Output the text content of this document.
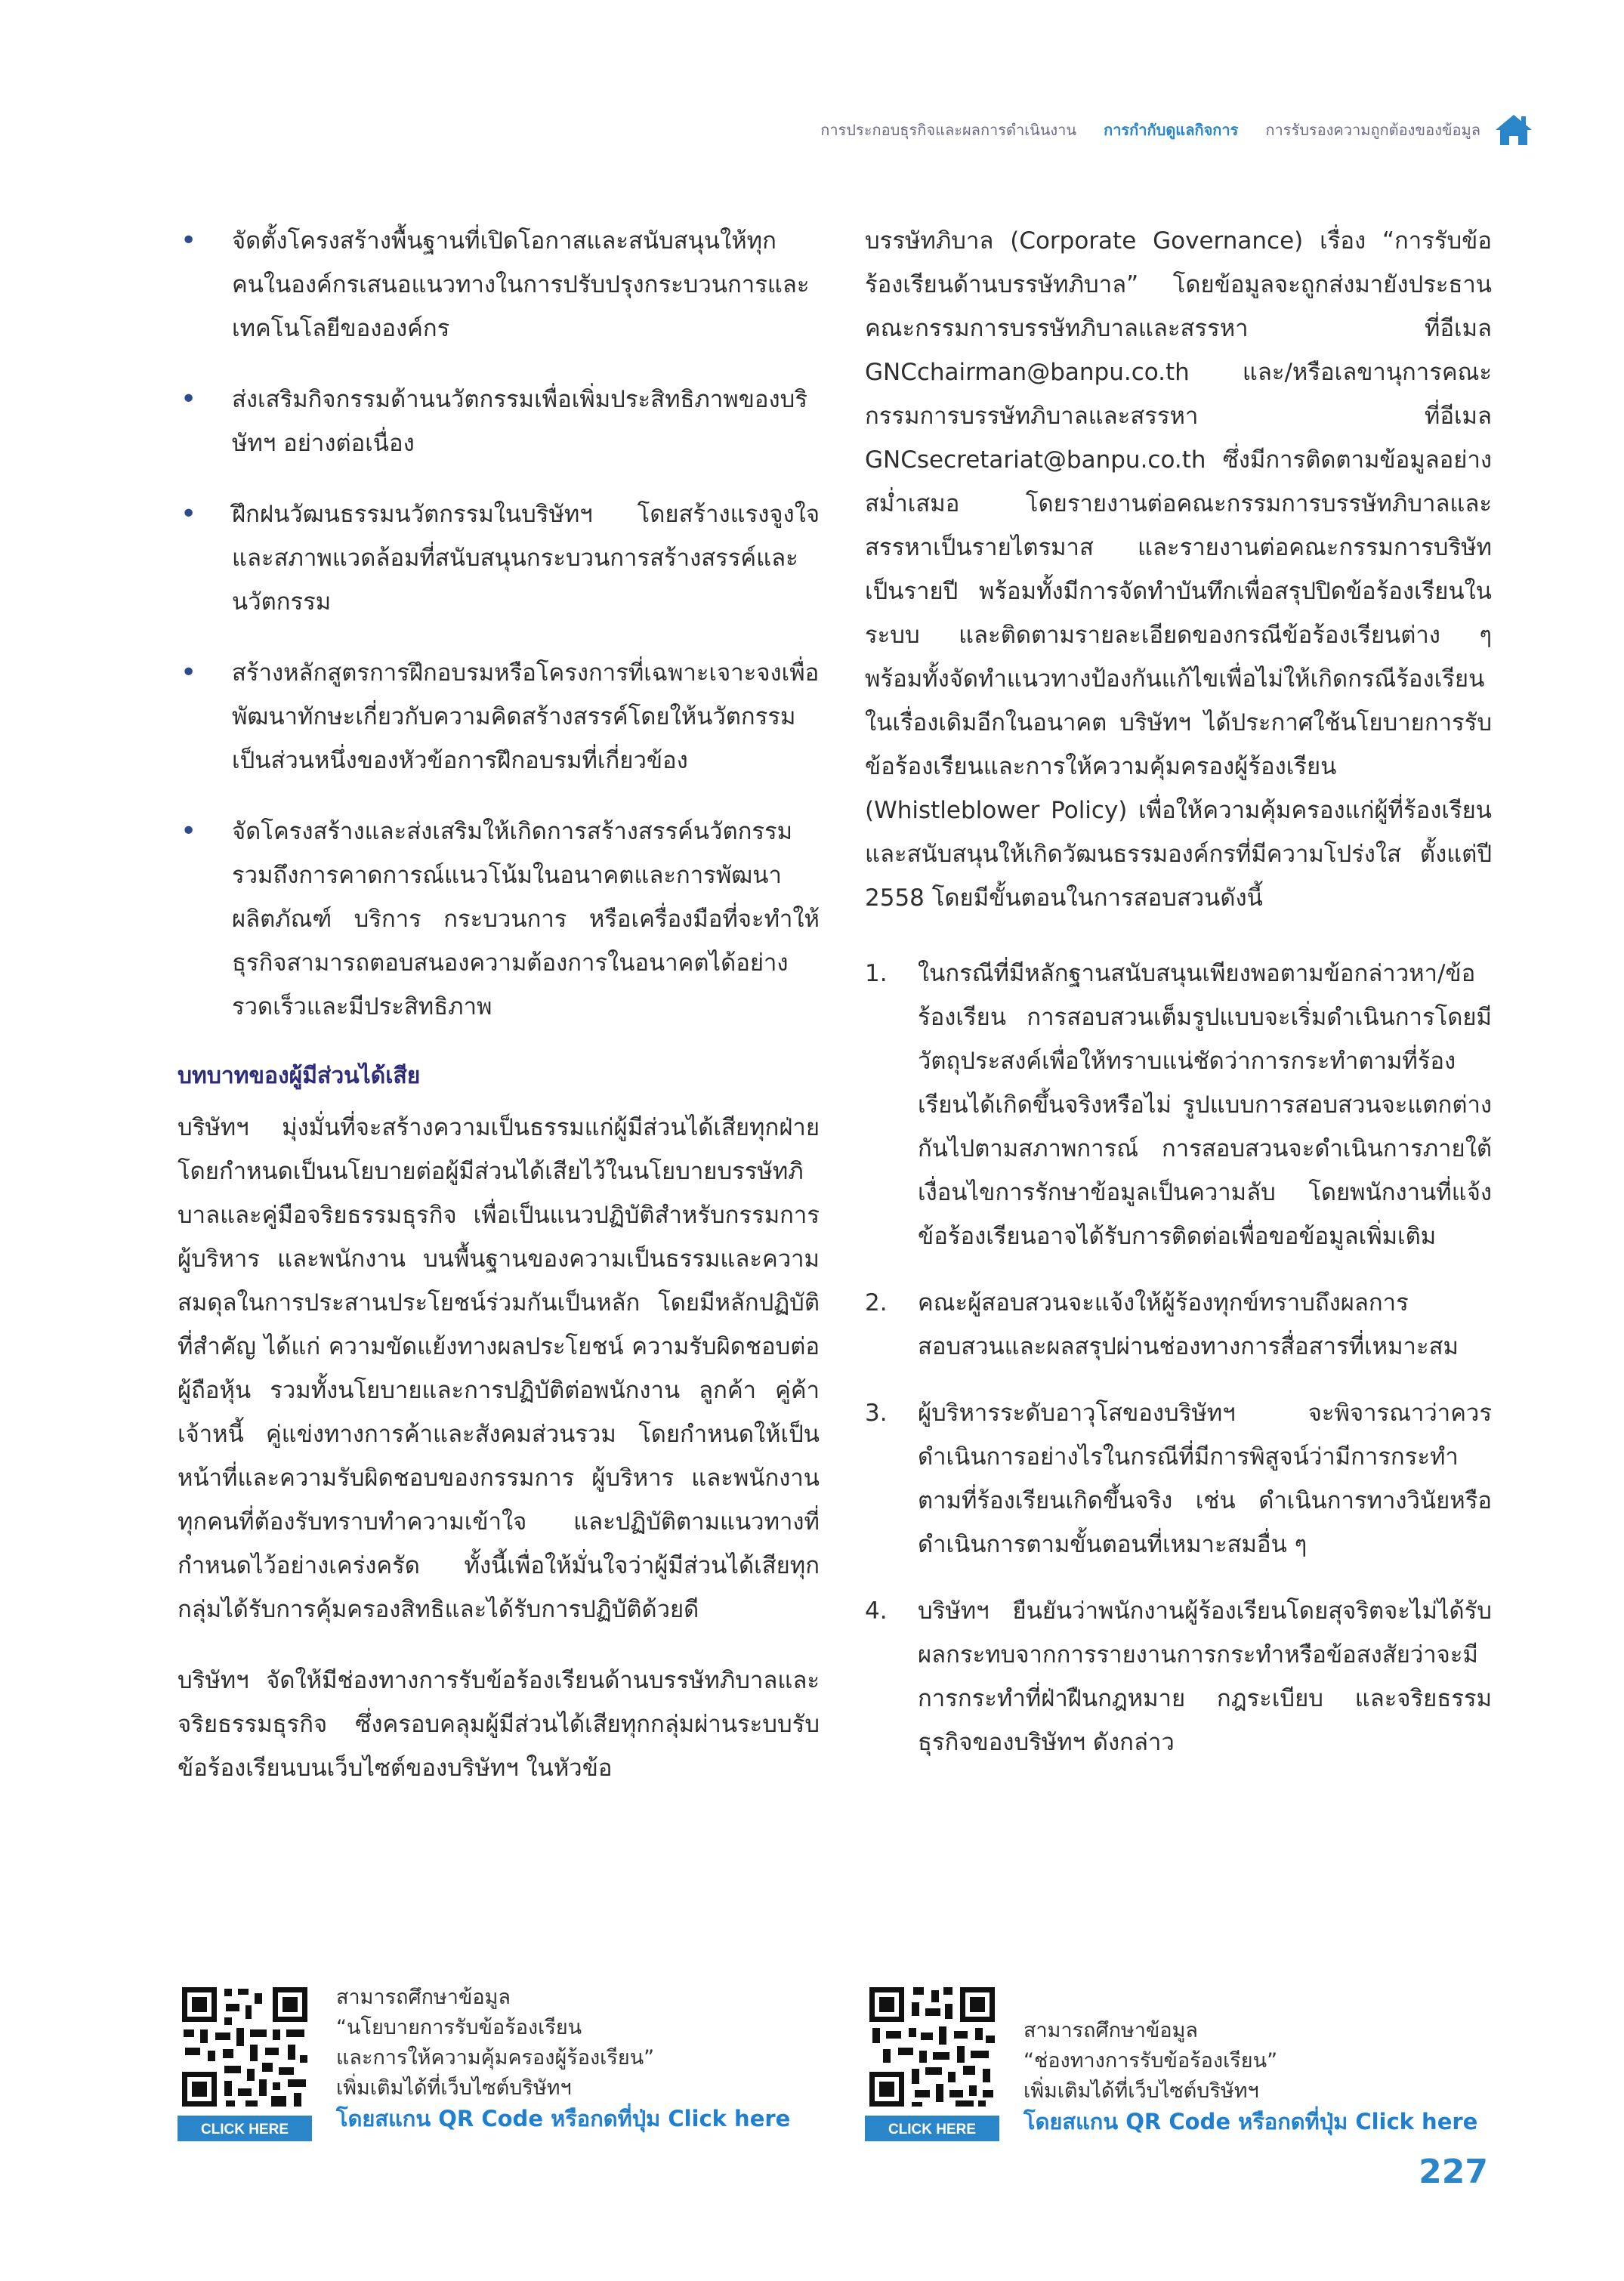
การประกอบธุรกิจและผลการดำเนินงาน การกำกับดูแลกิจการ การรับรองความถูกต้องของข้อมูล
• จัดตั้งโครงสร้างพื้นฐานที่เปิดโอกาสและสนับสนุนให้ทุกคนในองค์กรเสนอแนวทางในการปรับปรุงกระบวนการและเทคโนโลยีขององค์กร
• ส่งเสริมกิจกรรมด้านนวัตกรรมเพื่อเพิ่มประสิทธิภาพของบริษัทฯ อย่างต่อเนื่อง
• ฝึกฝนวัฒนธรรมนวัตกรรมในบริษัทฯ โดยสร้างแรงจูงใจและสภาพแวดล้อมที่สนับสนุนกระบวนการสร้างสรรค์และนวัตกรรม
• สร้างหลักสูตรการฝึกอบรมหรือโครงการที่เฉพาะเจาะจงเพื่อพัฒนาทักษะเกี่ยวกับความคิดสร้างสรรค์โดยให้นวัตกรรมเป็นส่วนหนึ่งของหัวข้อการฝึกอบรมที่เกี่ยวข้อง
• จัดโครงสร้างและส่งเสริมให้เกิดการสร้างสรรค์นวัตกรรม รวมถึงการคาดการณ์แนวโน้มในอนาคตและการพัฒนาผลิตภัณฑ์ บริการ กระบวนการ หรือเครื่องมือที่จะทำให้ธุรกิจสามารถตอบสนองความต้องการในอนาคตได้อย่างรวดเร็วและมีประสิทธิภาพ
บทบาทของผู้มีส่วนได้เสีย

บริษัทฯ มุ่งมั่นที่จะสร้างความเป็นธรรมแก่ผู้มีส่วนได้เสียทุกฝ่ายโดยกำหนดเป็นนโยบายต่อผู้มีส่วนได้เสียไว้ในนโยบายบรรษัทภิบาลและคู่มือจริยธรรมธุรกิจ เพื่อเป็นแนวปฏิบัติสำหรับกรรมการ ผู้บริหาร และพนักงาน บนพื้นฐานของความเป็นธรรมและความสมดุลในการประสานประโยชน์ร่วมกันเป็นหลัก โดยมีหลักปฏิบัติที่สำคัญ ได้แก่ ความขัดแย้งทางผลประโยชน์ ความรับผิดชอบต่อผู้ถือหุ้น รวมทั้งนโยบายและการปฏิบัติต่อพนักงาน ลูกค้า คู่ค้า เจ้าหนี้ คู่แข่งทางการค้าและสังคมส่วนรวม โดยกำหนดให้เป็นหน้าที่และความรับผิดชอบของกรรมการ ผู้บริหาร และพนักงานทุกคนที่ต้องรับทราบทำความเข้าใจ และปฏิบัติตามแนวทางที่กำหนดไว้อย่างเคร่งครัด ทั้งนี้เพื่อให้มั่นใจว่าผู้มีส่วนได้เสียทุกกลุ่มได้รับการคุ้มครองสิทธิและได้รับการปฏิบัติด้วยดี

บริษัทฯ จัดให้มีช่องทางการรับข้อร้องเรียนด้านบรรษัทภิบาลและจริยธรรมธุรกิจ ซึ่งครอบคลุมผู้มีส่วนได้เสียทุกกลุ่มผ่านระบบรับข้อร้องเรียนบนเว็บไซต์ของบริษัทฯ ในหัวข้อ

บรรษัทภิบาล (Corporate Governance) เรื่อง “การรับข้อร้องเรียนด้านบรรษัทภิบาล” โดยข้อมูลจะถูกส่งมายังประธานคณะกรรมการบรรษัทภิบาลและสรรหา ที่อีเมล GNCchairman@banpu.co.th และ/หรือเลขานุการคณะกรรมการบรรษัทภิบาลและสรรหา ที่อีเมล GNCsecretariat@banpu.co.th ซึ่งมีการติดตามข้อมูลอย่างสม่ำเสมอ โดยรายงานต่อคณะกรรมการบรรษัทภิบาลและสรรหาเป็นรายไตรมาส และรายงานต่อคณะกรรมการบริษัทเป็นรายปี พร้อมทั้งมีการจัดทำบันทึกเพื่อสรุปปิดข้อร้องเรียนในระบบ และติดตามรายละเอียดของกรณีข้อร้องเรียนต่าง ๆ พร้อมทั้งจัดทำแนวทางป้องกันแก้ไขเพื่อไม่ให้เกิดกรณีร้องเรียนในเรื่องเดิมอีกในอนาคต บริษัทฯ ได้ประกาศใช้นโยบายการรับข้อร้องเรียนและการให้ความคุ้มครองผู้ร้องเรียน (Whistleblower Policy) เพื่อให้ความคุ้มครองแก่ผู้ที่ร้องเรียนและสนับสนุนให้เกิดวัฒนธรรมองค์กรที่มีความโปร่งใส ตั้งแต่ปี 2558 โดยมีขั้นตอนในการสอบสวนดังนี้

1. ในกรณีที่มีหลักฐานสนับสนุนเพียงพอตามข้อกล่าวหา/ข้อร้องเรียน การสอบสวนเต็มรูปแบบจะเริ่มดำเนินการโดยมีวัตถุประสงค์เพื่อให้ทราบแน่ชัดว่าการกระทำตามที่ร้องเรียนได้เกิดขึ้นจริงหรือไม่ รูปแบบการสอบสวนจะแตกต่างกันไปตามสภาพการณ์ การสอบสวนจะดำเนินการภายใต้เงื่อนไขการรักษาข้อมูลเป็นความลับ โดยพนักงานที่แจ้งข้อร้องเรียนอาจได้รับการติดต่อเพื่อขอข้อมูลเพิ่มเติม
2. คณะผู้สอบสวนจะแจ้งให้ผู้ร้องทุกข์ทราบถึงผลการสอบสวนและผลสรุปผ่านช่องทางการสื่อสารที่เหมาะสม
3. ผู้บริหารระดับอาวุโสของบริษัทฯ จะพิจารณาว่าควรดำเนินการอย่างไรในกรณีที่มีการพิสูจน์ว่ามีการกระทำตามที่ร้องเรียนเกิดขึ้นจริง เช่น ดำเนินการทางวินัยหรือดำเนินการตามขั้นตอนที่เหมาะสมอื่น ๆ
4. บริษัทฯ ยืนยันว่าพนักงานผู้ร้องเรียนโดยสุจริตจะไม่ได้รับผลกระทบจากการรายงานการกระทำหรือข้อสงสัยว่าจะมีการกระทำที่ฝ่าฝืนกฎหมาย กฎระเบียบ และจริยธรรมธุรกิจของบริษัทฯ ดังกล่าว
CLICK HERE
สามารถศึกษาข้อมูล
“นโยบายการรับข้อร้องเรียน
และการให้ความคุ้มครองผู้ร้องเรียน”
เพิ่มเติมได้ที่เว็บไซต์บริษัทฯ
โดยสแกน QR Code หรือกดที่ปุ่ม Click here	CLICK HERE
สามารถศึกษาข้อมูล
“ช่องทางการรับข้อร้องเรียน”
เพิ่มเติมได้ที่เว็บไซต์บริษัทฯ
โดยสแกน QR Code หรือกดที่ปุ่ม Click here
227
